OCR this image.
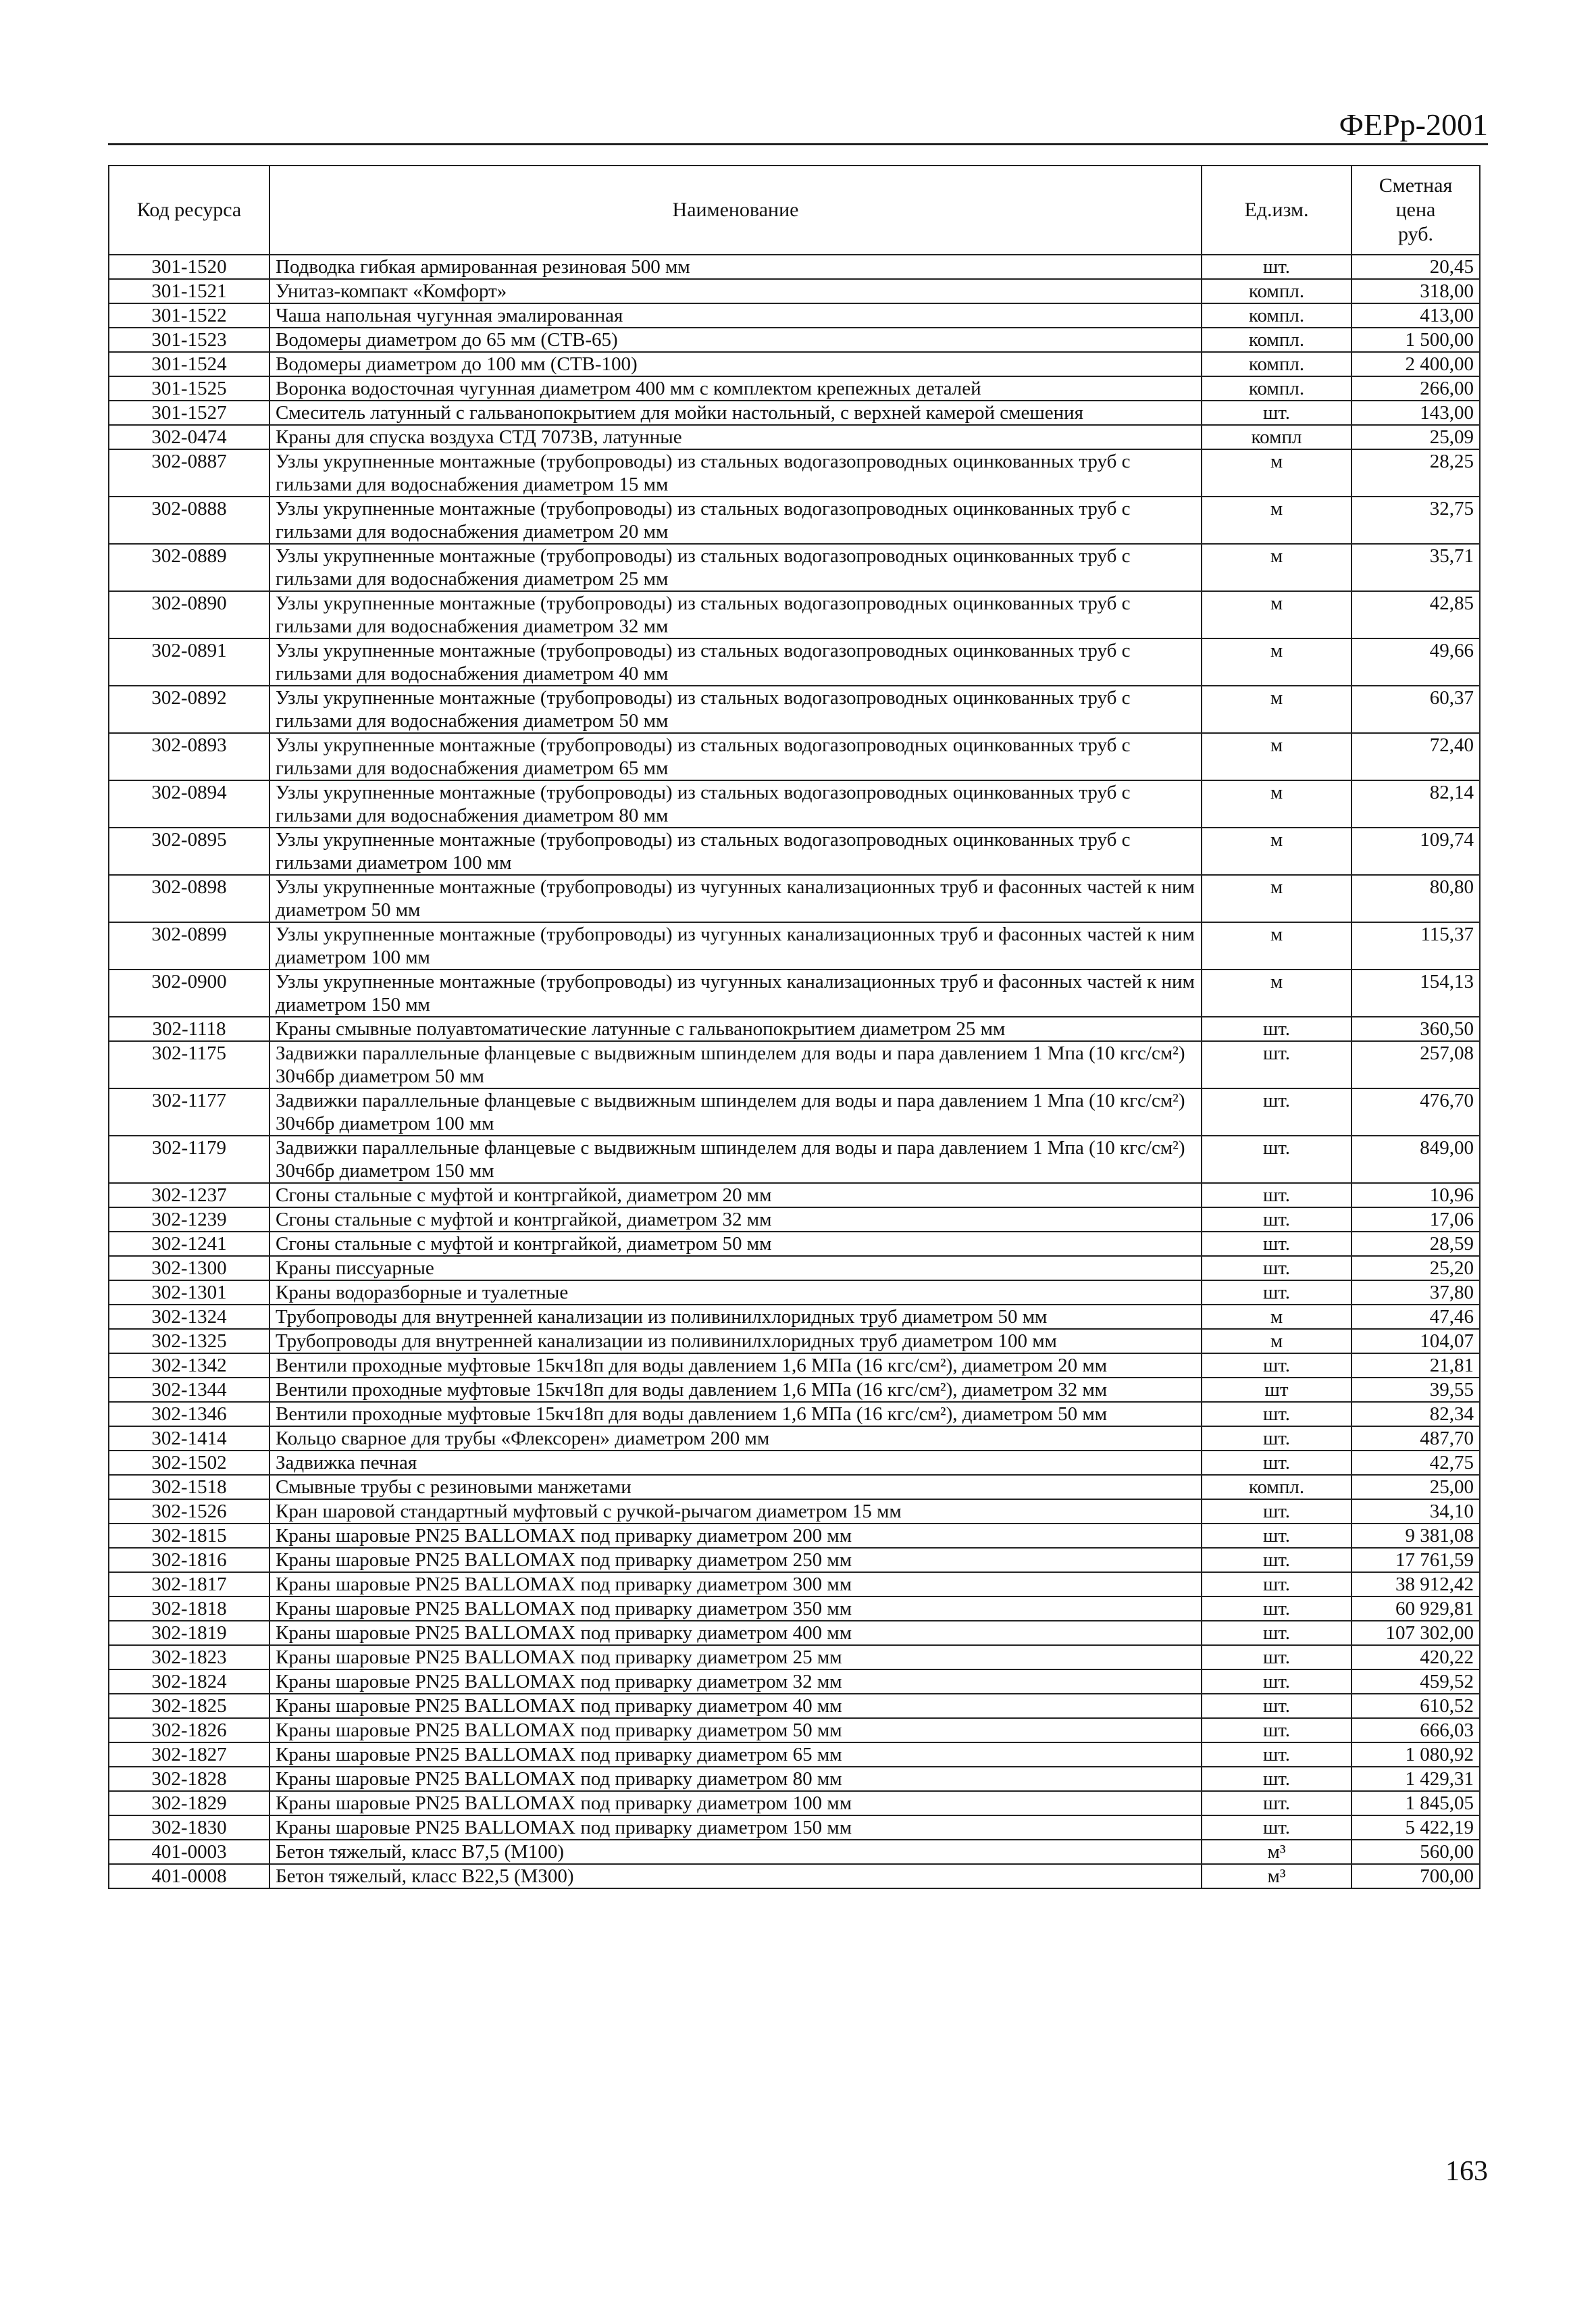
ФЕРр-2001
Код ресурса	Наименование	Ед.изм.	Сметная
цена
руб.
301-1520	Подводка гибкая армированная резиновая 500 мм	шт.	20,45
301-1521	Унитаз-компакт «Комфорт»	компл.	318,00
301-1522	Чаша напольная чугунная эмалированная	компл.	413,00
301-1523	Водомеры диаметром до 65 мм (СТВ-65)	компл.	1 500,00
301-1524	Водомеры диаметром до 100 мм (СТВ-100)	компл.	2 400,00
301-1525	Воронка водосточная чугунная диаметром 400 мм с комплектом крепежных деталей	компл.	266,00
301-1527	Смеситель латунный с гальванопокрытием для мойки настольный, с верхней камерой смешения	шт.	143,00
302-0474	Краны для спуска воздуха СТД 7073В, латунные	компл	25,09
302-0887	Узлы укрупненные монтажные (трубопроводы) из стальных водогазопроводных оцинкованных труб с гильзами для водоснабжения диаметром 15 мм	м	28,25
302-0888	Узлы укрупненные монтажные (трубопроводы) из стальных водогазопроводных оцинкованных труб с гильзами для водоснабжения диаметром 20 мм	м	32,75
302-0889	Узлы укрупненные монтажные (трубопроводы) из стальных водогазопроводных оцинкованных труб с гильзами для водоснабжения диаметром 25 мм	м	35,71
302-0890	Узлы укрупненные монтажные (трубопроводы) из стальных водогазопроводных оцинкованных труб с гильзами для водоснабжения диаметром 32 мм	м	42,85
302-0891	Узлы укрупненные монтажные (трубопроводы) из стальных водогазопроводных оцинкованных труб с гильзами для водоснабжения диаметром 40 мм	м	49,66
302-0892	Узлы укрупненные монтажные (трубопроводы) из стальных водогазопроводных оцинкованных труб с гильзами для водоснабжения диаметром 50 мм	м	60,37
302-0893	Узлы укрупненные монтажные (трубопроводы) из стальных водогазопроводных оцинкованных труб с гильзами для водоснабжения диаметром 65 мм	м	72,40
302-0894	Узлы укрупненные монтажные (трубопроводы) из стальных водогазопроводных оцинкованных труб с гильзами для водоснабжения диаметром 80 мм	м	82,14
302-0895	Узлы укрупненные монтажные (трубопроводы) из стальных водогазопроводных оцинкованных труб с гильзами диаметром 100 мм	м	109,74
302-0898	Узлы укрупненные монтажные (трубопроводы) из чугунных канализационных труб и фасонных частей к ним диаметром 50 мм	м	80,80
302-0899	Узлы укрупненные монтажные (трубопроводы) из чугунных канализационных труб и фасонных частей к ним диаметром 100 мм	м	115,37
302-0900	Узлы укрупненные монтажные (трубопроводы) из чугунных канализационных труб и фасонных частей к ним диаметром 150 мм	м	154,13
302-1118	Краны смывные полуавтоматические латунные с гальванопокрытием диаметром 25 мм	шт.	360,50
302-1175	Задвижки параллельные фланцевые с выдвижным шпинделем для воды и пара давлением 1 Мпа (10 кгс/см²) 30ч6бр диаметром 50 мм	шт.	257,08
302-1177	Задвижки параллельные фланцевые с выдвижным шпинделем для воды и пара давлением 1 Мпа (10 кгс/см²) 30ч6бр диаметром 100 мм	шт.	476,70
302-1179	Задвижки параллельные фланцевые с выдвижным шпинделем для воды и пара давлением 1 Мпа (10 кгс/см²) 30ч6бр диаметром 150 мм	шт.	849,00
302-1237	Сгоны стальные с муфтой и контргайкой, диаметром 20 мм	шт.	10,96
302-1239	Сгоны стальные с муфтой и контргайкой, диаметром 32 мм	шт.	17,06
302-1241	Сгоны стальные с муфтой и контргайкой, диаметром 50 мм	шт.	28,59
302-1300	Краны писсуарные	шт.	25,20
302-1301	Краны водоразборные и туалетные	шт.	37,80
302-1324	Трубопроводы для внутренней канализации из поливинилхлоридных труб диаметром 50 мм	м	47,46
302-1325	Трубопроводы для внутренней канализации из поливинилхлоридных труб диаметром 100 мм	м	104,07
302-1342	Вентили проходные муфтовые 15кч18п для воды давлением 1,6 МПа (16 кгс/см²), диаметром 20 мм	шт.	21,81
302-1344	Вентили проходные муфтовые 15кч18п для воды давлением 1,6 МПа (16 кгс/см²), диаметром 32 мм	шт	39,55
302-1346	Вентили проходные муфтовые 15кч18п для воды давлением 1,6 МПа (16 кгс/см²), диаметром 50 мм	шт.	82,34
302-1414	Кольцо сварное для трубы «Флексорен» диаметром 200 мм	шт.	487,70
302-1502	Задвижка печная	шт.	42,75
302-1518	Смывные трубы с резиновыми манжетами	компл.	25,00
302-1526	Кран шаровой стандартный муфтовый с ручкой-рычагом диаметром 15 мм	шт.	34,10
302-1815	Краны шаровые PN25 BALLOMAX под приварку диаметром 200 мм	шт.	9 381,08
302-1816	Краны шаровые PN25 BALLOMAX под приварку диаметром 250 мм	шт.	17 761,59
302-1817	Краны шаровые PN25 BALLOMAX под приварку диаметром 300 мм	шт.	38 912,42
302-1818	Краны шаровые PN25 BALLOMAX под приварку диаметром 350 мм	шт.	60 929,81
302-1819	Краны шаровые PN25 BALLOMAX под приварку диаметром 400 мм	шт.	107 302,00
302-1823	Краны шаровые PN25 BALLOMAX под приварку диаметром 25 мм	шт.	420,22
302-1824	Краны шаровые PN25 BALLOMAX под приварку диаметром 32 мм	шт.	459,52
302-1825	Краны шаровые PN25 BALLOMAX под приварку диаметром 40 мм	шт.	610,52
302-1826	Краны шаровые PN25 BALLOMAX под приварку диаметром 50 мм	шт.	666,03
302-1827	Краны шаровые PN25 BALLOMAX под приварку диаметром 65 мм	шт.	1 080,92
302-1828	Краны шаровые PN25 BALLOMAX под приварку диаметром 80 мм	шт.	1 429,31
302-1829	Краны шаровые PN25 BALLOMAX под приварку диаметром 100 мм	шт.	1 845,05
302-1830	Краны шаровые PN25 BALLOMAX под приварку диаметром 150 мм	шт.	5 422,19
401-0003	Бетон тяжелый, класс В7,5 (М100)	м³	560,00
401-0008	Бетон тяжелый, класс В22,5 (М300)	м³	700,00
163
